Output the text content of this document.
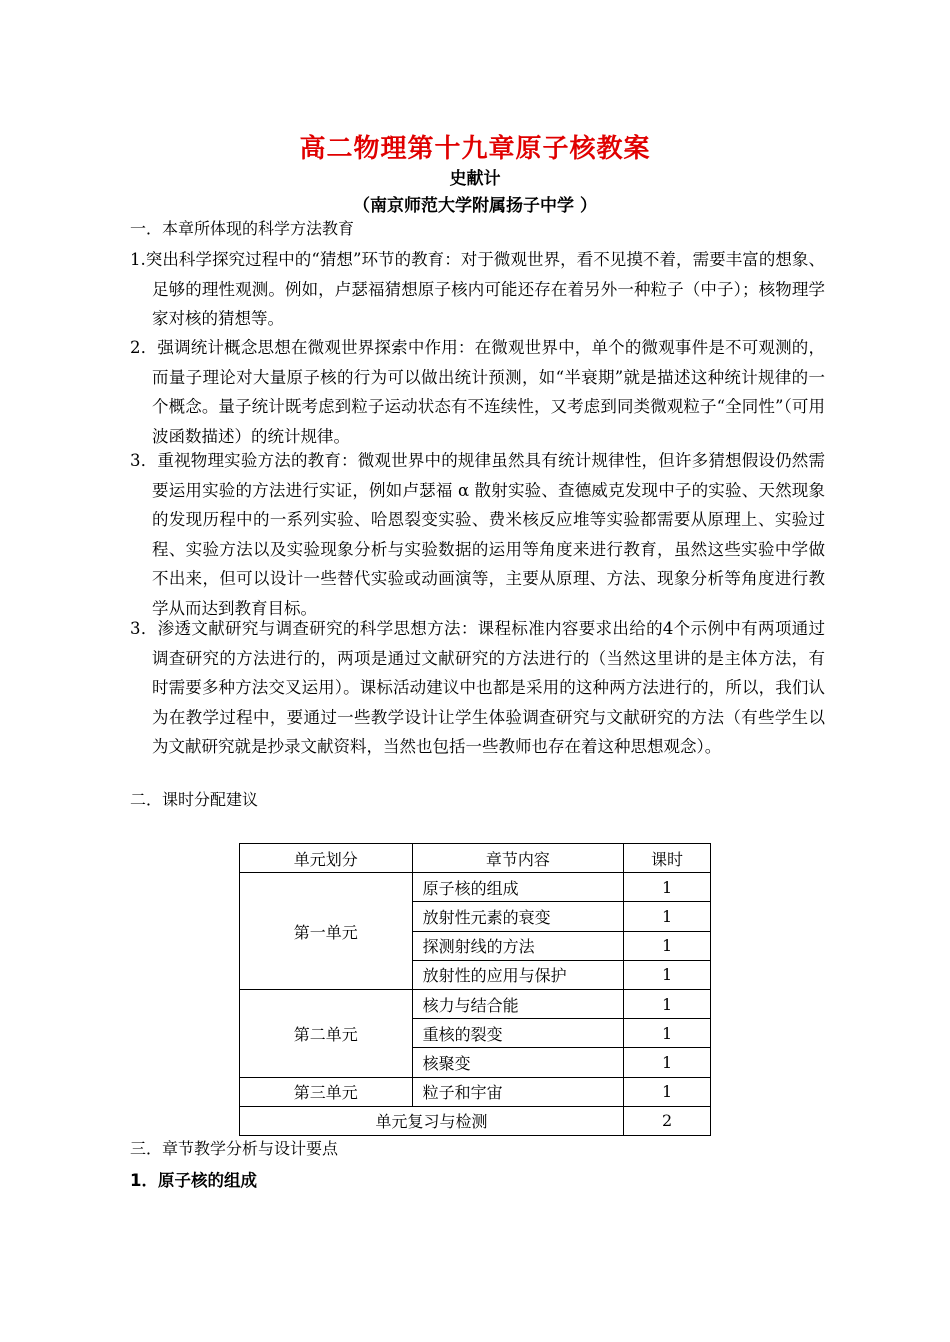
高二物理第十九章原子核教案
史献计
（南京师范大学附属扬子中学 ）
一．本章所体现的科学方法教育

1.突出科学探究过程中的“猜想”环节的教育：对于微观世界，看不见摸不着，需要丰富的想象、足够的理性观测。例如，卢瑟福猜想原子核内可能还存在着另外一种粒子（中子）；核物理学家对核的猜想等。

2．强调统计概念思想在微观世界探索中作用：在微观世界中，单个的微观事件是不可观测的，而量子理论对大量原子核的行为可以做出统计预测，如“半衰期”就是描述这种统计规律的一个概念。量子统计既考虑到粒子运动状态有不连续性，又考虑到同类微观粒子“全同性”（可用波函数描述）的统计规律。

3．重视物理实验方法的教育：微观世界中的规律虽然具有统计规律性，但许多猜想假设仍然需要运用实验的方法进行实证，例如卢瑟福 α 散射实验、查德威克发现中子的实验、天然现象的发现历程中的一系列实验、哈恩裂变实验、费米核反应堆等实验都需要从原理上、实验过程、实验方法以及实验现象分析与实验数据的运用等角度来进行教育，虽然这些实验中学做不出来，但可以设计一些替代实验或动画演等，主要从原理、方法、现象分析等角度进行教学从而达到教育目标。

3．渗透文献研究与调查研究的科学思想方法：课程标准内容要求出给的4个示例中有两项通过调查研究的方法进行的，两项是通过文献研究的方法进行的（当然这里讲的是主体方法，有时需要多种方法交叉运用）。课标活动建议中也都是采用的这种两方法进行的，所以，我们认为在教学过程中，要通过一些教学设计让学生体验调查研究与文献研究的方法（有些学生以为文献研究就是抄录文献资料，当然也包括一些教师也存在着这种思想观念）。

二．课时分配建议
单元划分	章节内容	课时
第一单元	原子核的组成	1
	放射性元素的衰变	1
	探测射线的方法	1
	放射性的应用与保护	1
第二单元	核力与结合能	1
	重核的裂变	1
	核聚变	1
第三单元	粒子和宇宙	1
单元复习与检测		2
三．章节教学分析与设计要点
1．原子核的组成
